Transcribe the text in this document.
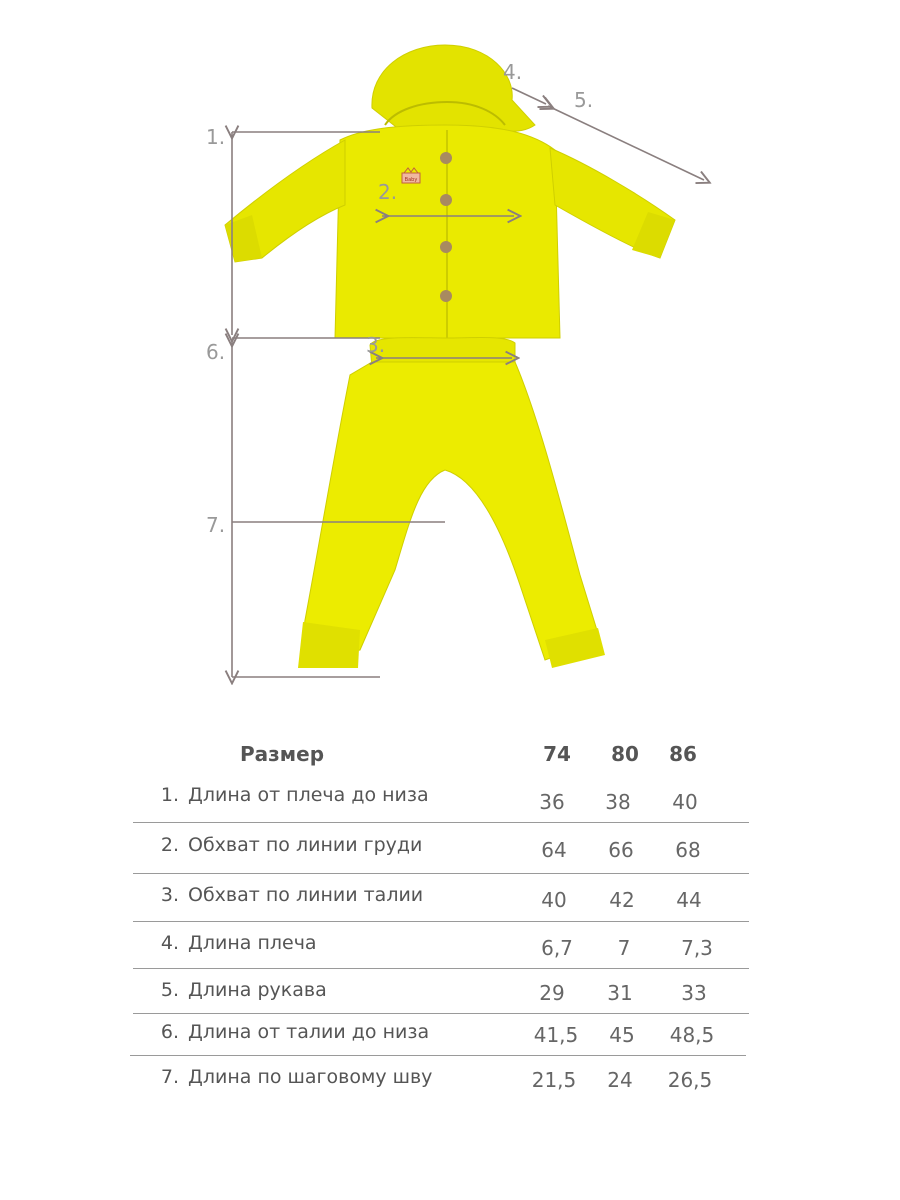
Baby
1.
2.
3.
4.
5.
6.
7.
Размер	74	80	86
1. Длина от плеча до низа	36	38	40
2. Обхват по линии груди	64	66	68
3. Обхват по линии талии	40	42	44
4. Длина плеча	6,7	7	7,3
5. Длина рукава	29	31	33
6. Длина от талии до низа	41,5	45	48,5
7. Длина по шаговому шву	21,5	24	26,5
